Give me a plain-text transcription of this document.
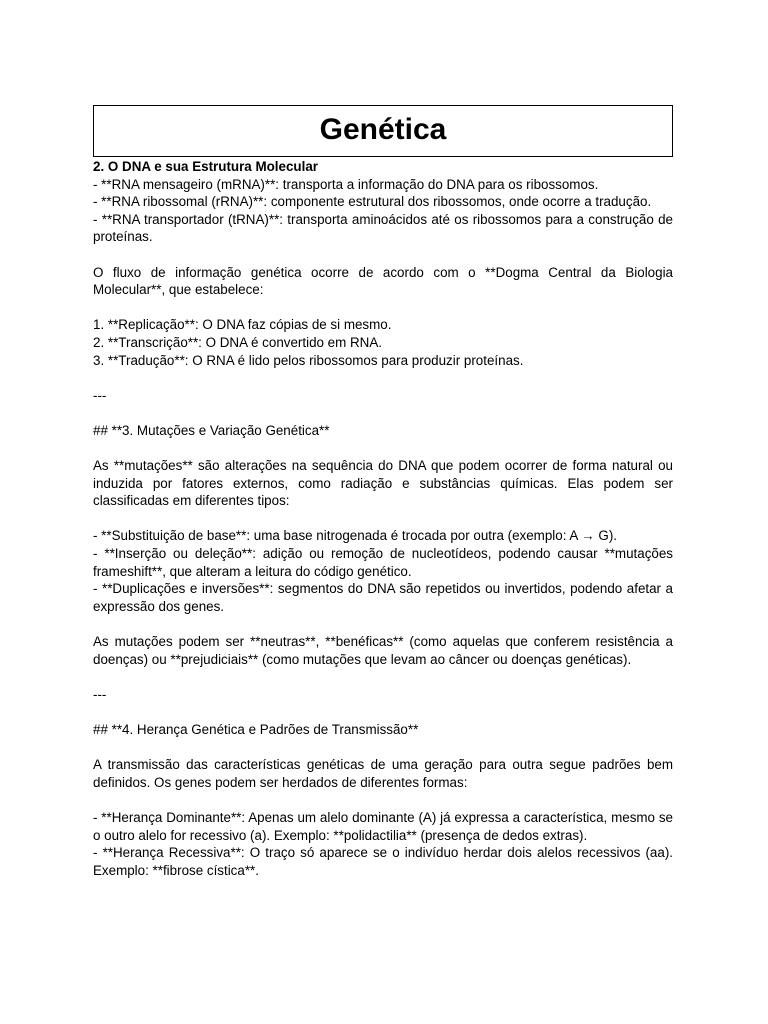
Genética

2. O DNA e sua Estrutura Molecular

- **RNA mensageiro (mRNA)**: transporta a informação do DNA para os ribossomos.

- **RNA ribossomal (rRNA)**: componente estrutural dos ribossomos, onde ocorre a tradução.

- **RNA transportador (tRNA)**: transporta aminoácidos até os ribossomos para a construção de proteínas.

O fluxo de informação genética ocorre de acordo com o **Dogma Central da Biologia Molecular**, que estabelece:

1. **Replicação**: O DNA faz cópias de si mesmo.

2. **Transcrição**: O DNA é convertido em RNA.

3. **Tradução**: O RNA é lido pelos ribossomos para produzir proteínas.

---

## **3. Mutações e Variação Genética**

As **mutações** são alterações na sequência do DNA que podem ocorrer de forma natural ou induzida por fatores externos, como radiação e substâncias químicas. Elas podem ser classificadas em diferentes tipos:

- **Substituição de base**: uma base nitrogenada é trocada por outra (exemplo: A → G).

- **Inserção ou deleção**: adição ou remoção de nucleotídeos, podendo causar **mutações frameshift**, que alteram a leitura do código genético.

- **Duplicações e inversões**: segmentos do DNA são repetidos ou invertidos, podendo afetar a expressão dos genes.

As mutações podem ser **neutras**, **benéficas** (como aquelas que conferem resistência a doenças) ou **prejudiciais** (como mutações que levam ao câncer ou doenças genéticas).

---

## **4. Herança Genética e Padrões de Transmissão**

A transmissão das características genéticas de uma geração para outra segue padrões bem definidos. Os genes podem ser herdados de diferentes formas:

- **Herança Dominante**: Apenas um alelo dominante (A) já expressa a característica, mesmo se o outro alelo for recessivo (a). Exemplo: **polidactilia** (presença de dedos extras).

- **Herança Recessiva**: O traço só aparece se o indivíduo herdar dois alelos recessivos (aa). Exemplo: **fibrose cística**.
